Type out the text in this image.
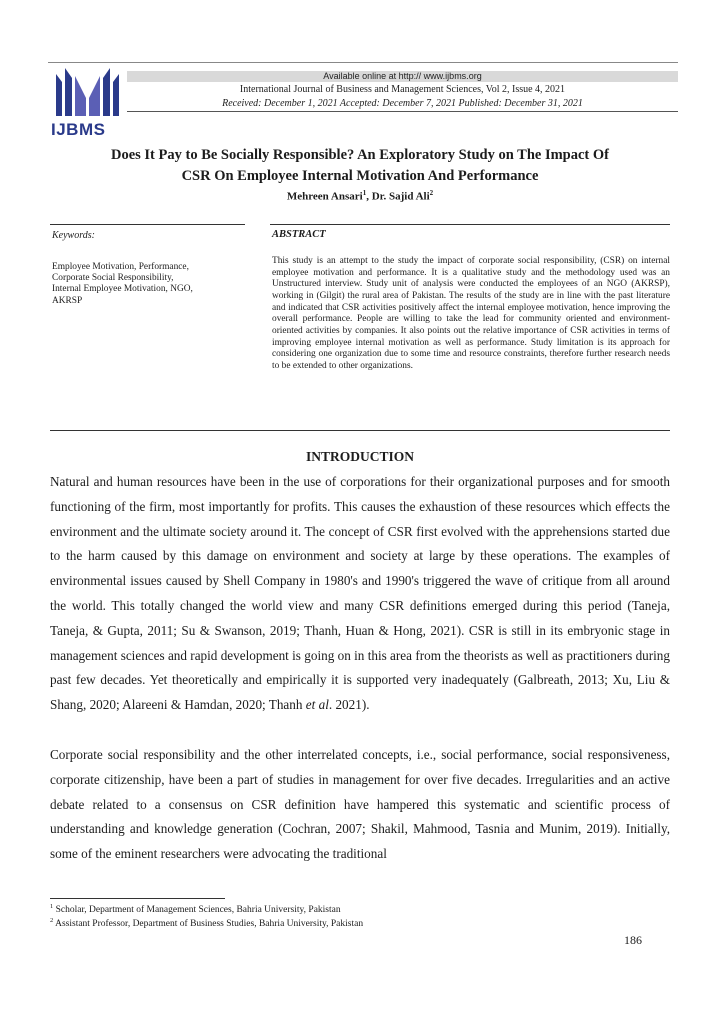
IJBMS
Available online at http:// www.ijbms.org
International Journal of Business and Management Sciences, Vol 2, Issue 4, 2021
Received: December 1, 2021 Accepted: December 7, 2021 Published: December 31, 2021
Does It Pay to Be Socially Responsible? An Exploratory Study on The Impact Of
CSR On Employee Internal Motivation And Performance
Mehreen Ansari$^1$, Dr. Sajid Ali$^2$
Keywords:
Employee Motivation, Performance,
Corporate Social Responsibility,
Internal Employee Motivation, NGO,
AKRSP
ABSTRACT
This study is an attempt to the study the impact of corporate social responsibility, (CSR) on internal employee motivation and performance. It is a qualitative study and the methodology used was an Unstructured interview. Study unit of analysis were conducted the employees of an NGO (AKRSP), working in (Gilgit) the rural area of Pakistan. The results of the study are in line with the past literature and indicated that CSR activities positively affect the internal employee motivation, hence improving the overall performance. People are willing to take the lead for community oriented and environment-oriented activities by companies. It also points out the relative importance of CSR activities in terms of improving employee internal motivation as well as performance. Study limitation is its approach for considering one organization due to some time and resource constraints, therefore further research needs to be extended to other organizations.
INTRODUCTION
Natural and human resources have been in the use of corporations for their organizational purposes and for smooth functioning of the firm, most importantly for profits. This causes the exhaustion of these resources which effects the environment and the ultimate society around it. The concept of CSR first evolved with the apprehensions started due to the harm caused by this damage on environment and society at large by these operations. The examples of environmental issues caused by Shell Company in 1980's and 1990's triggered the wave of critique from all around the world. This totally changed the world view and many CSR definitions emerged during this period (Taneja, Taneja, & Gupta, 2011; Su & Swanson, 2019; Thanh, Huan & Hong, 2021). CSR is still in its embryonic stage in management sciences and rapid development is going on in this area from the theorists as well as practitioners during past few decades. Yet theoretically and empirically it is supported very inadequately (Galbreath, 2013; Xu, Liu & Shang, 2020; Alareeni & Hamdan, 2020; Thanh et al. 2021).
Corporate social responsibility and the other interrelated concepts, i.e., social performance, social responsiveness, corporate citizenship, have been a part of studies in management for over five decades. Irregularities and an active debate related to a consensus on CSR definition have hampered this systematic and scientific process of understanding and knowledge generation (Cochran, 2007; Shakil, Mahmood, Tasnia and Munim, 2019). Initially, some of the eminent researchers were advocating the traditional
$^1$ Scholar, Department of Management Sciences, Bahria University, Pakistan
$^2$ Assistant Professor, Department of Business Studies, Bahria University, Pakistan
186
